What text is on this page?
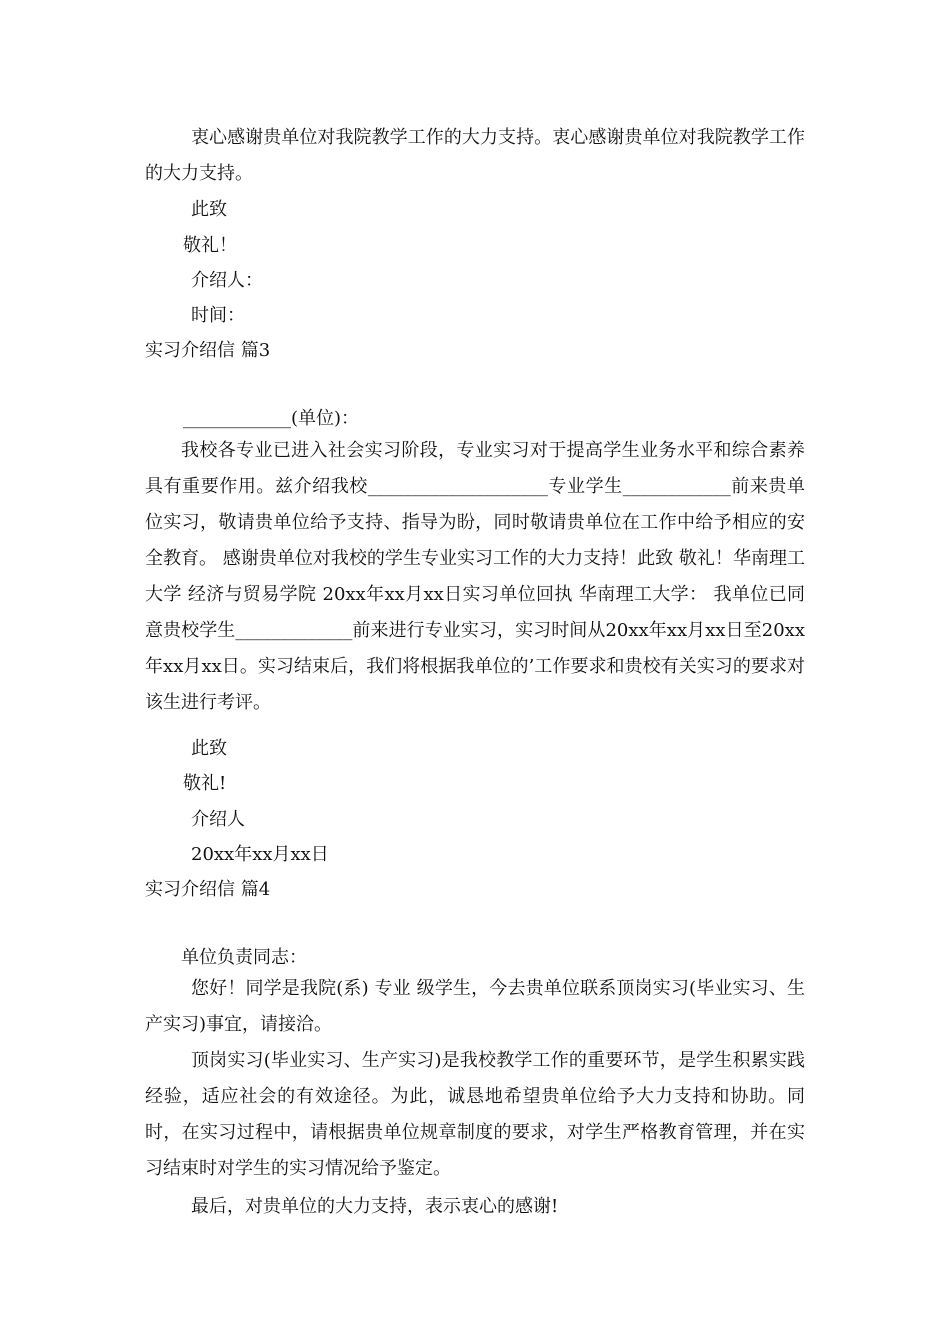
衷心感谢贵单位对我院教学工作的大力支持。衷心感谢贵单位对我院教学工作的大力支持。

此致

敬礼！

介绍人：

时间：

实习介绍信 篇3

____________(单位)：

我校各专业已进入社会实习阶段，专业实习对于提高学生业务水平和综合素养具有重要作用。兹介绍我校____________________专业学生____________前来贵单位实习，敬请贵单位给予支持、指导为盼，同时敬请贵单位在工作中给予相应的安全教育。 感谢贵单位对我校的学生专业实习工作的大力支持！此致 敬礼！华南理工大学 经济与贸易学院 20xx年xx月xx日实习单位回执 华南理工大学： 我单位已同意贵校学生_____________前来进行专业实习，实习时间从20xx年xx月xx日至20xx年xx月xx日。实习结束后，我们将根据我单位的’工作要求和贵校有关实习的要求对该生进行考评。

此致

敬礼!

介绍人

20xx年xx月xx日

实习介绍信 篇4

单位负责同志：

您好！同学是我院(系) 专业 级学生，今去贵单位联系顶岗实习(毕业实习、生产实习)事宜，请接洽。

顶岗实习(毕业实习、生产实习)是我校教学工作的重要环节，是学生积累实践经验，适应社会的有效途径。为此，诚恳地希望贵单位给予大力支持和协助。同时，在实习过程中，请根据贵单位规章制度的要求，对学生严格教育管理，并在实习结束时对学生的实习情况给予鉴定。

最后，对贵单位的大力支持，表示衷心的感谢!
